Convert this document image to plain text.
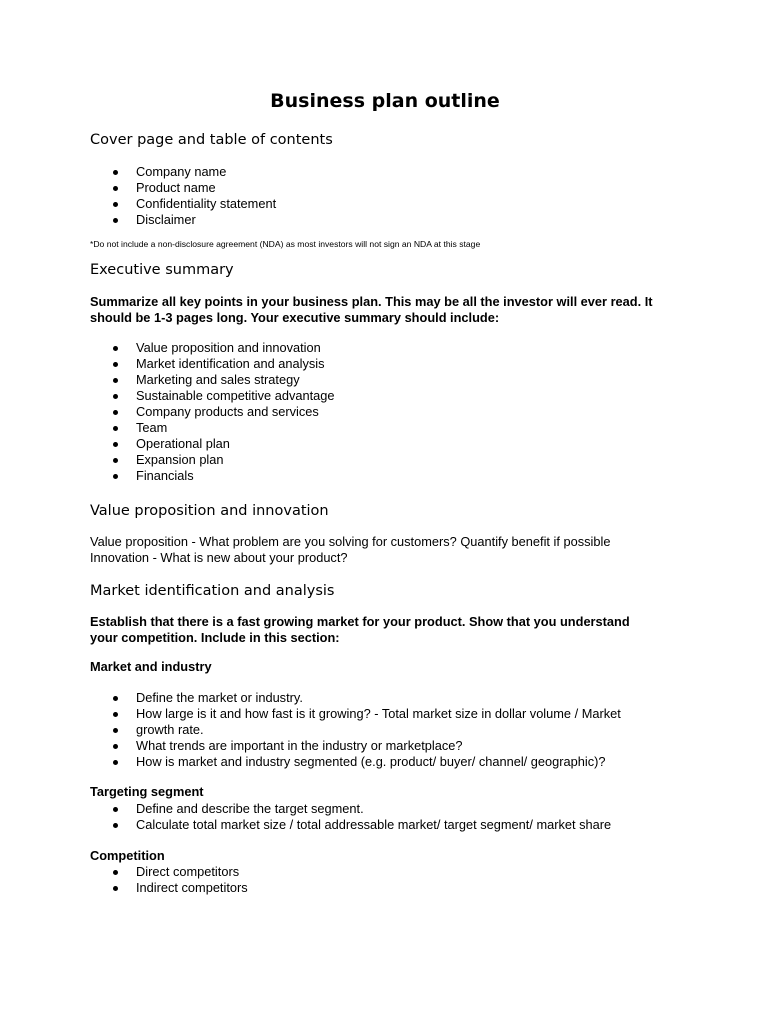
Business plan outline
Cover page and table of contents
Company name
Product name
Confidentiality statement
Disclaimer

*Do not include a non-disclosure agreement (NDA) as most investors will not sign an NDA at this stage

Executive summary

Summarize all key points in your business plan. This may be all the investor will ever read. It

should be 1-3 pages long. Your executive summary should include:

Value proposition and innovation
Market identification and analysis
Marketing and sales strategy
Sustainable competitive advantage
Company products and services
Team
Operational plan
Expansion plan
Financials
Value proposition and innovation

Value proposition - What problem are you solving for customers? Quantify benefit if possible

Innovation - What is new about your product?

Market identification and analysis

Establish that there is a fast growing market for your product. Show that you understand

your competition. Include in this section:

Market and industry

Define the market or industry.
How large is it and how fast is it growing? - Total market size in dollar volume / Market
growth rate.
What trends are important in the industry or marketplace?
How is market and industry segmented (e.g. product/ buyer/ channel/ geographic)?

Targeting segment

Define and describe the target segment.
Calculate total market size / total addressable market/ target segment/ market share

Competition

Direct competitors
Indirect competitors
